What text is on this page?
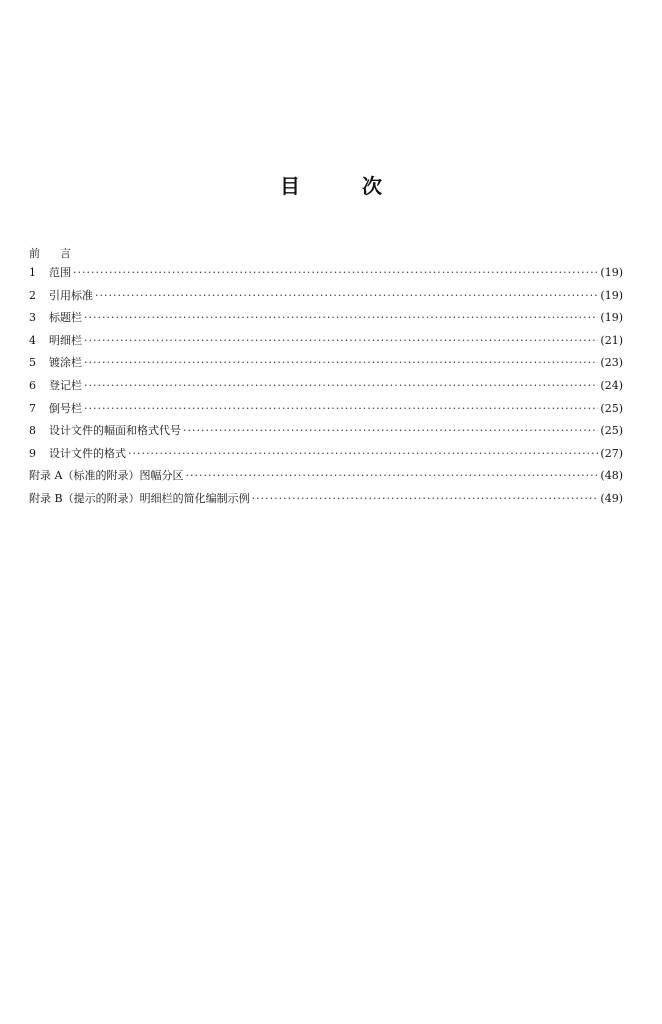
目	次
前 言
1	范围 ·····	(19)
2	引用标准 ·····	(19)
3	标题栏 ·····	(19)
4	明细栏 ·····	(21)
5	镀涂栏 ·····	(23)
6	登记栏 ·····	(24)
7	倒号栏 ·····	(25)
8	设计文件的幅面和格式代号 ·····	(25)
9	设计文件的格式 ·····	(27)
附录 A（标准的附录）图幅分区 ·····	(48)
附录 B（提示的附录）明细栏的简化编制示例 ·····	(49)
